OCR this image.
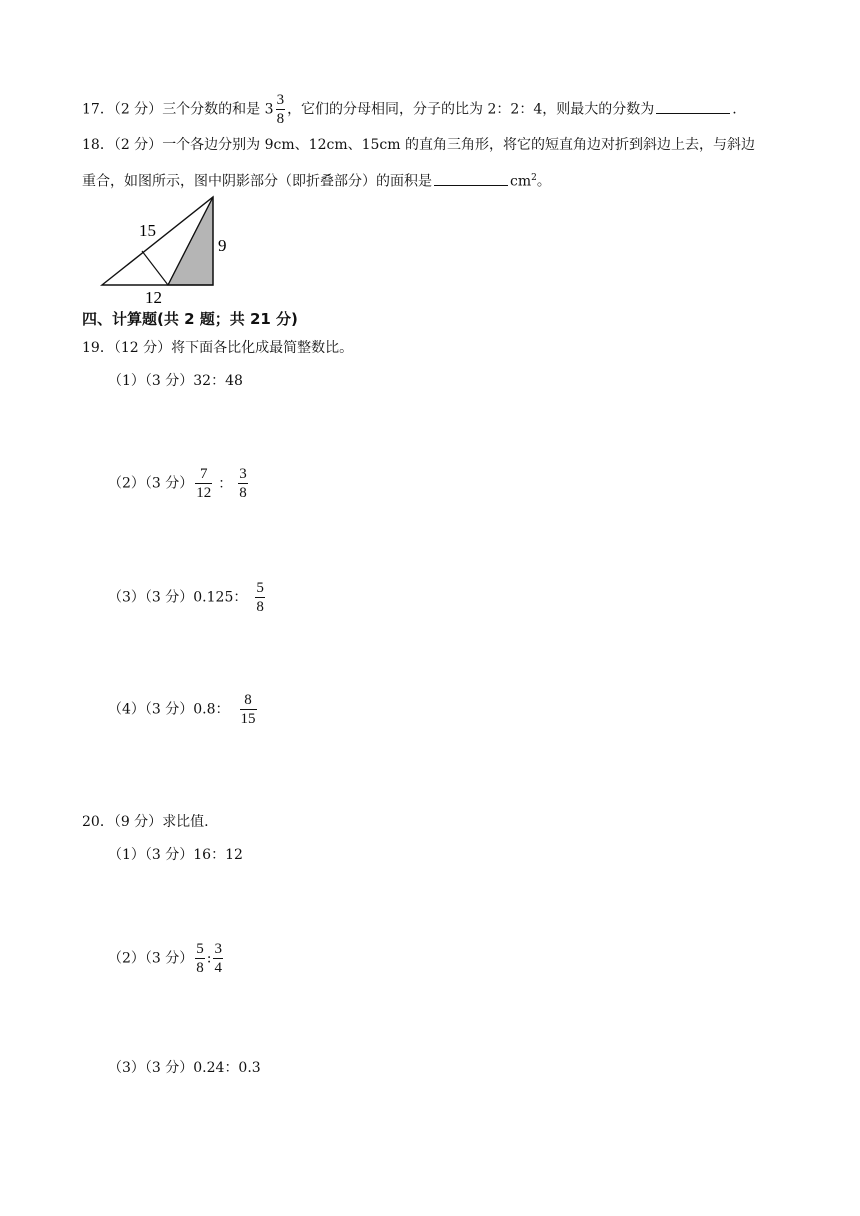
17．（2 分）三个分数的和是 $3 \frac{3}{8}$ ，它们的分母相同，分子的比为 2：2：4，则最大的分数为	.
18．（2 分）一个各边分别为 9cm、12cm、15cm 的直角三角形，将它的短直角边对折到斜边上去，与斜边
重合，如图所示，图中阴影部分（即折叠部分）的面积是	$cm^2$。
15
9
12
四、计算题(共 2 题；共 21 分)
19．（12 分）将下面各比化成最简整数比。
（1）（3 分）32：48
（2）（3 分） $\frac{7}{12}$ ： $\frac{3}{8}$
（3）（3 分）0.125： $\frac{5}{8}$
（4）（3 分）0.8： $\frac{8}{15}$
20．（9 分）求比值.
（1）（3 分）16：12
（2）（3 分） $\frac{5}{8}$ : $\frac{3}{4}$
（3）（3 分）0.24：0.3
